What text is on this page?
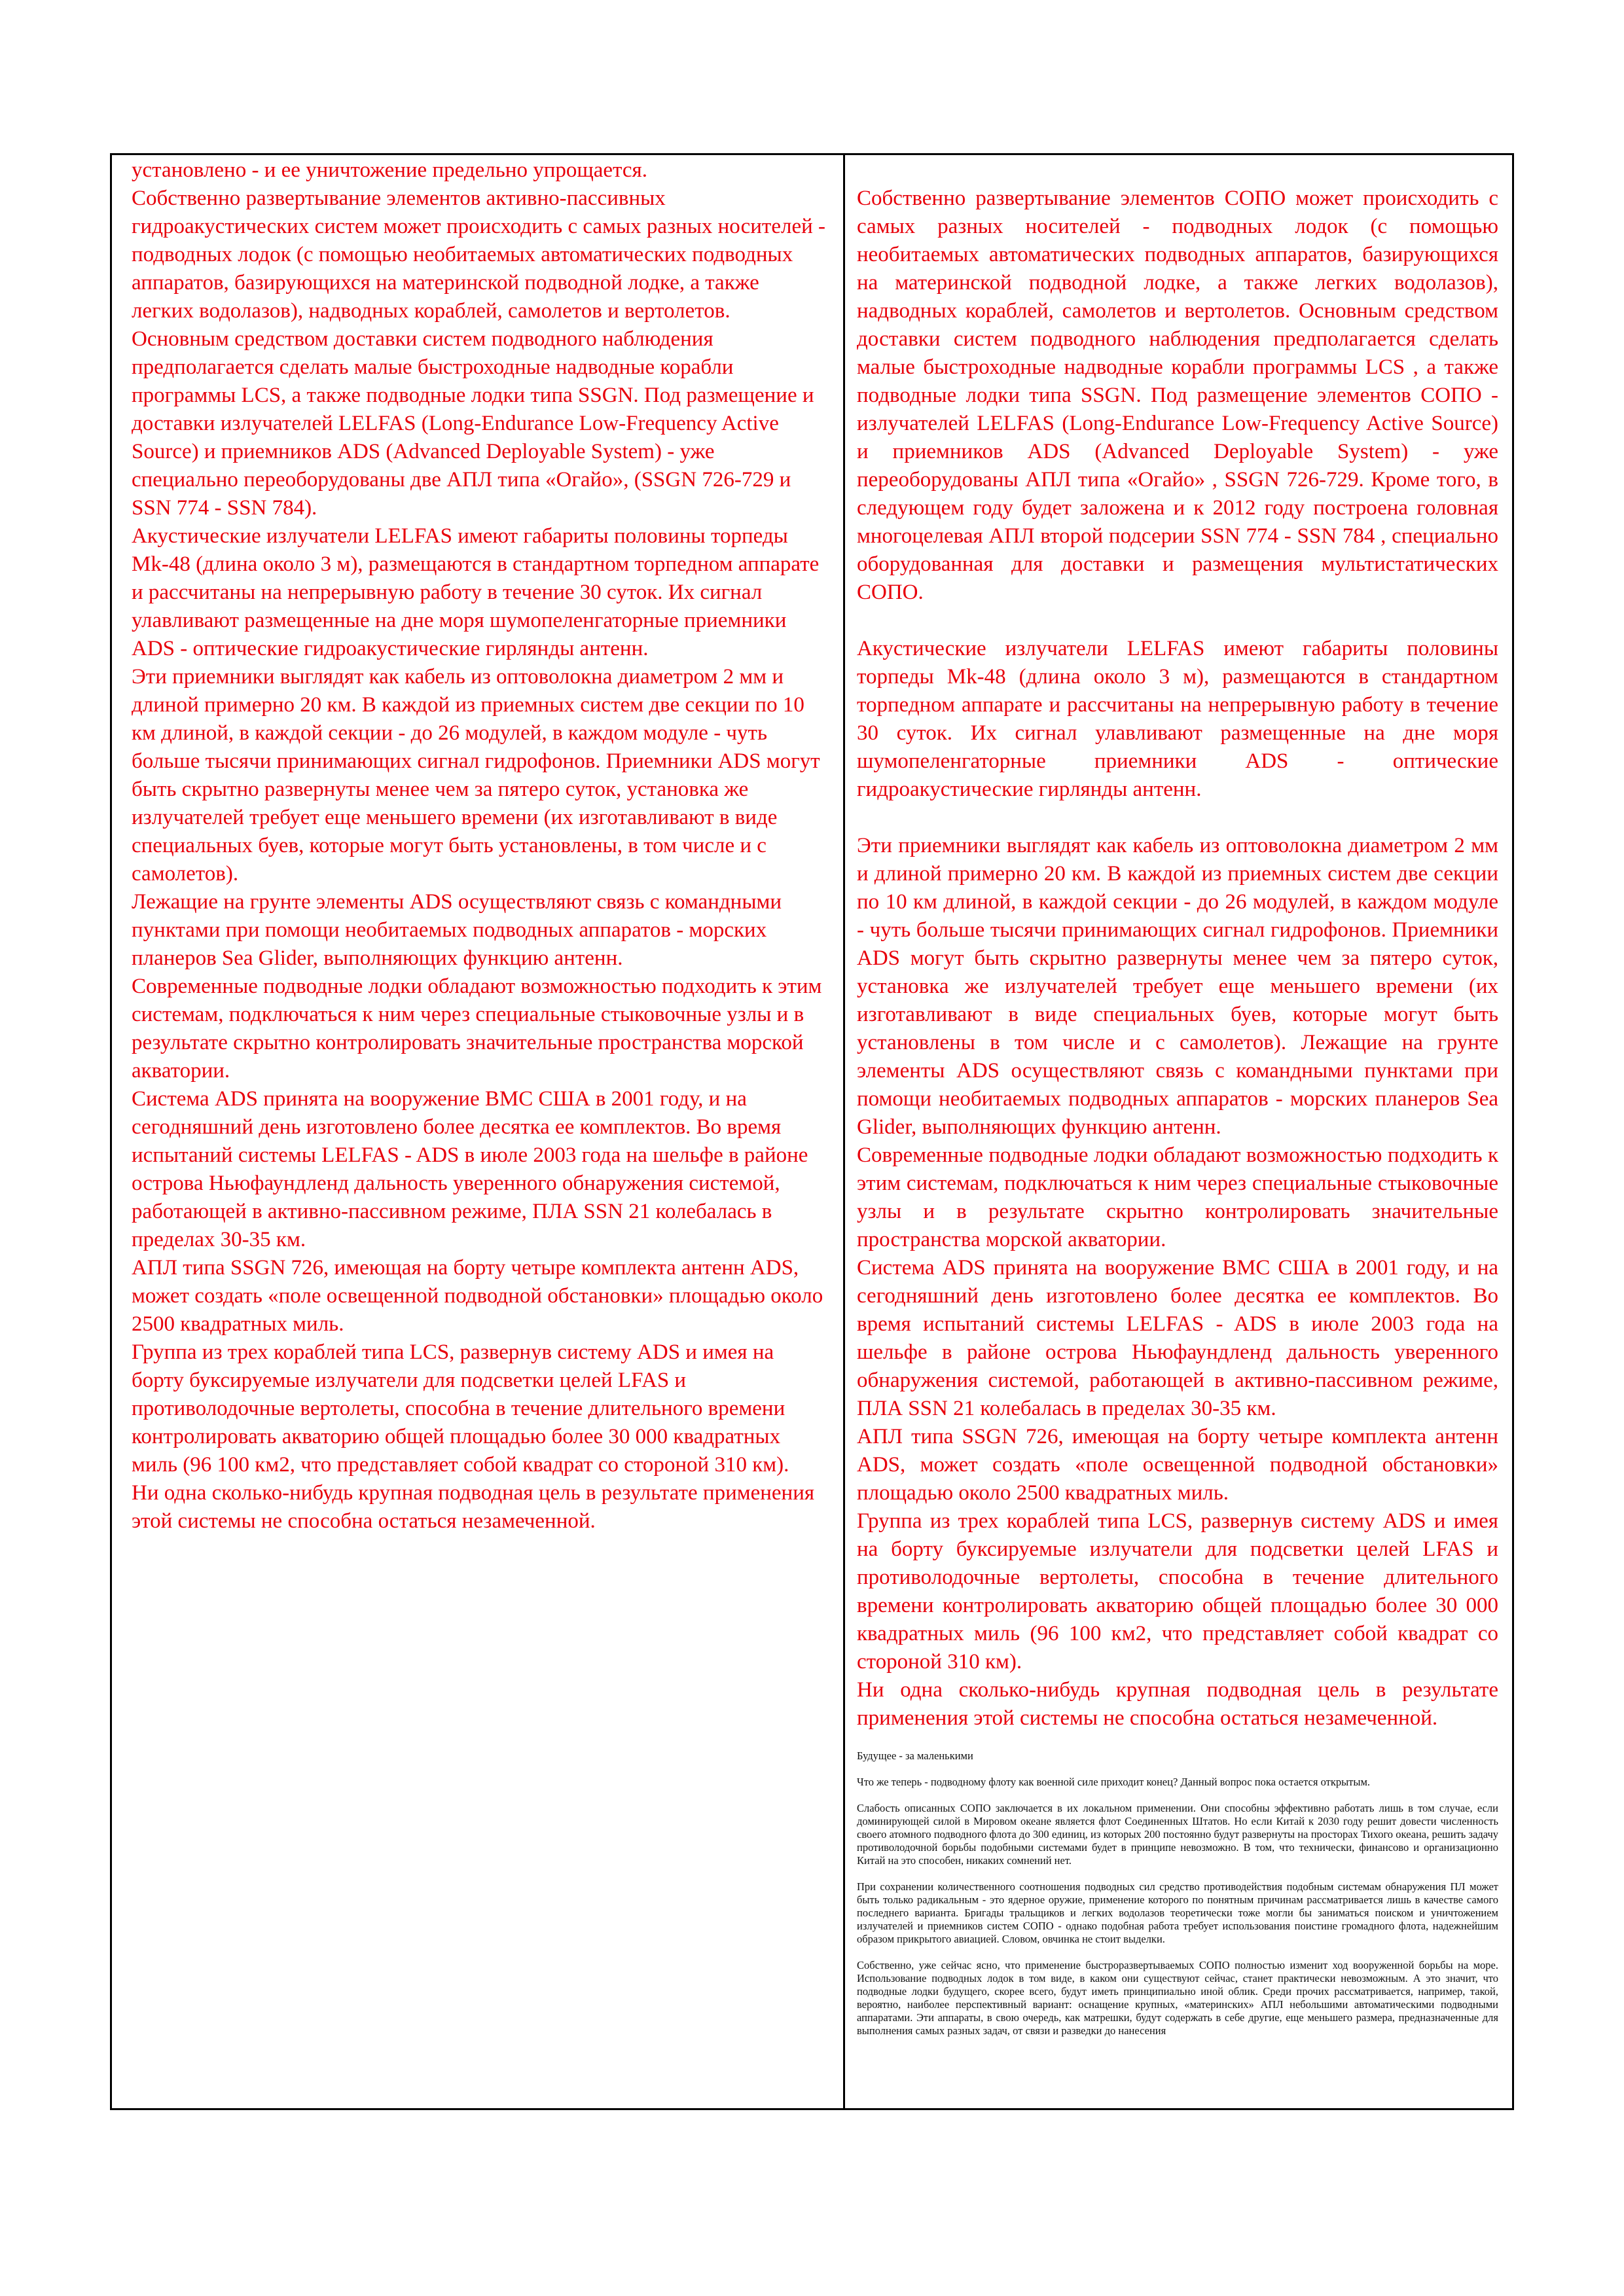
установлено - и ее уничтожение предельно упрощается.

Собственно развертывание элементов активно-пассивных гидроакустических систем может происходить с самых разных носителей - подводных лодок (с помощью необитаемых автоматических подводных аппаратов, базирующихся на материнской подводной лодке, а также легких водолазов), надводных кораблей, самолетов и вертолетов. Основным средством доставки систем подводного наблюдения предполагается сделать малые быстроходные надводные корабли программы LCS, а также подводные лодки типа SSGN. Под размещение и доставки излучателей LELFAS (Long-Endurance Low-Frequency Active Source) и приемников ADS (Advanced Deployable System) - уже специально переоборудованы две АПЛ типа «Огайо», (SSGN 726-729 и SSN 774 - SSN 784).

Акустические излучатели LELFAS имеют габариты половины торпеды Mk-48 (длина около 3 м), размещаются в стандартном торпедном аппарате и рассчитаны на непрерывную работу в течение 30 суток. Их сигнал улавливают размещенные на дне моря шумопеленгаторные приемники ADS - оптические гидроакустические гирлянды антенн.

Эти приемники выглядят как кабель из оптоволокна диаметром 2 мм и длиной примерно 20 км. В каждой из приемных систем две секции по 10 км длиной, в каждой секции - до 26 модулей, в каждом модуле - чуть больше тысячи принимающих сигнал гидрофонов. Приемники ADS могут быть скрытно развернуты менее чем за пятеро суток, установка же излучателей требует еще меньшего времени (их изготавливают в виде специальных буев, которые могут быть установлены, в том числе и с самолетов).

Лежащие на грунте элементы ADS осуществляют связь с командными пунктами при помощи необитаемых подводных аппаратов - морских планеров Sea Glider, выполняющих функцию антенн.

Современные подводные лодки обладают возможностью подходить к этим системам, подключаться к ним через специальные стыковочные узлы и в результате скрытно контролировать значительные пространства морской акватории.

Система ADS принята на вооружение ВМС США в 2001 году, и на сегодняшний день изготовлено более десятка ее комплектов. Во время испытаний системы LELFAS - ADS в июле 2003 года на шельфе в районе острова Ньюфаундленд дальность уверенного обнаружения системой, работающей в активно-пассивном режиме, ПЛА SSN 21 колебалась в пределах 30-35 км.

АПЛ типа SSGN 726, имеющая на борту четыре комплекта антенн ADS, может создать «поле освещенной подводной обстановки» площадью около 2500 квадратных миль.

Группа из трех кораблей типа LCS, развернув систему ADS и имея на борту буксируемые излучатели для подсветки целей LFAS и противолодочные вертолеты, способна в течение длительного времени контролировать акваторию общей площадью более 30 000 квадратных миль (96 100 км2, что представляет собой квадрат со стороной 310 км).

Ни одна сколько-нибудь крупная подводная цель в результате применения этой системы не способна остаться незамеченной.

Собственно развертывание элементов СОПО может происходить с самых разных носителей - подводных лодок (с помощью необитаемых автоматических подводных аппаратов, базирующихся на материнской подводной лодке, а также легких водолазов), надводных кораблей, самолетов и вертолетов. Основным средством доставки систем подводного наблюдения предполагается сделать малые быстроходные надводные корабли программы LCS , а также подводные лодки типа SSGN. Под размещение элементов СОПО - излучателей LELFAS (Long-Endurance Low-Frequency Active Source) и приемников ADS (Advanced Deployable System) - уже переоборудованы АПЛ типа «Огайо» , SSGN 726-729. Кроме того, в следующем году будет заложена и к 2012 году построена головная многоцелевая АПЛ второй подсерии SSN 774 - SSN 784 , специально оборудованная для доставки и размещения мультистатических СОПО.

Акустические излучатели LELFAS имеют габариты половины торпеды Mk-48 (длина около 3 м), размещаются в стандартном торпедном аппарате и рассчитаны на непрерывную работу в течение 30 суток. Их сигнал улавливают размещенные на дне моря шумопеленгаторные приемники ADS - оптические гидроакустические гирлянды антенн.

Эти приемники выглядят как кабель из оптоволокна диаметром 2 мм и длиной примерно 20 км. В каждой из приемных систем две секции по 10 км длиной, в каждой секции - до 26 модулей, в каждом модуле - чуть больше тысячи принимающих сигнал гидрофонов. Приемники ADS могут быть скрытно развернуты менее чем за пятеро суток, установка же излучателей требует еще меньшего времени (их изготавливают в виде специальных буев, которые могут быть установлены в том числе и с самолетов). Лежащие на грунте элементы ADS осуществляют связь с командными пунктами при помощи необитаемых подводных аппаратов - морских планеров Sea Glider, выполняющих функцию антенн.

Современные подводные лодки обладают возможностью подходить к этим системам, подключаться к ним через специальные стыковочные узлы и в результате скрытно контролировать значительные пространства морской акватории.

Система ADS принята на вооружение ВМС США в 2001 году, и на сегодняшний день изготовлено более десятка ее комплектов. Во время испытаний системы LELFAS - ADS в июле 2003 года на шельфе в районе острова Ньюфаундленд дальность уверенного обнаружения системой, работающей в активно-пассивном режиме, ПЛА SSN 21 колебалась в пределах 30-35 км.

АПЛ типа SSGN 726, имеющая на борту четыре комплекта антенн ADS, может создать «поле освещенной подводной обстановки» площадью около 2500 квадратных миль.

Группа из трех кораблей типа LCS, развернув систему ADS и имея на борту буксируемые излучатели для подсветки целей LFAS и противолодочные вертолеты, способна в течение длительного времени контролировать акваторию общей площадью более 30 000 квадратных миль (96 100 км2, что представляет собой квадрат со стороной 310 км).

Ни одна сколько-нибудь крупная подводная цель в результате применения этой системы не способна остаться незамеченной.

Будущее - за маленькими

Что же теперь - подводному флоту как военной силе приходит конец? Данный вопрос пока остается открытым.

Слабость описанных СОПО заключается в их локальном применении. Они способны эффективно работать лишь в том случае, если доминирующей силой в Мировом океане является флот Соединенных Штатов. Но если Китай к 2030 году решит довести численность своего атомного подводного флота до 300 единиц, из которых 200 постоянно будут развернуты на просторах Тихого океана, решить задачу противолодочной борьбы подобными системами будет в принципе невозможно. В том, что технически, финансово и организационно Китай на это способен, никаких сомнений нет.

При сохранении количественного соотношения подводных сил средство противодействия подобным системам обнаружения ПЛ может быть только радикальным - это ядерное оружие, применение которого по понятным причинам рассматривается лишь в качестве самого последнего варианта. Бригады тральщиков и легких водолазов теоретически тоже могли бы заниматься поиском и уничтожением излучателей и приемников систем СОПО - однако подобная работа требует использования поистине громадного флота, надежнейшим образом прикрытого авиацией. Словом, овчинка не стоит выделки.

Собственно, уже сейчас ясно, что применение быстроразвертываемых СОПО полностью изменит ход вооруженной борьбы на море. Использование подводных лодок в том виде, в каком они существуют сейчас, станет практически невозможным. А это значит, что подводные лодки будущего, скорее всего, будут иметь принципиально иной облик. Среди прочих рассматривается, например, такой, вероятно, наиболее перспективный вариант: оснащение крупных, «материнских» АПЛ небольшими автоматическими подводными аппаратами. Эти аппараты, в свою очередь, как матрешки, будут содержать в себе другие, еще меньшего размера, предназначенные для выполнения самых разных задач, от связи и разведки до нанесения
